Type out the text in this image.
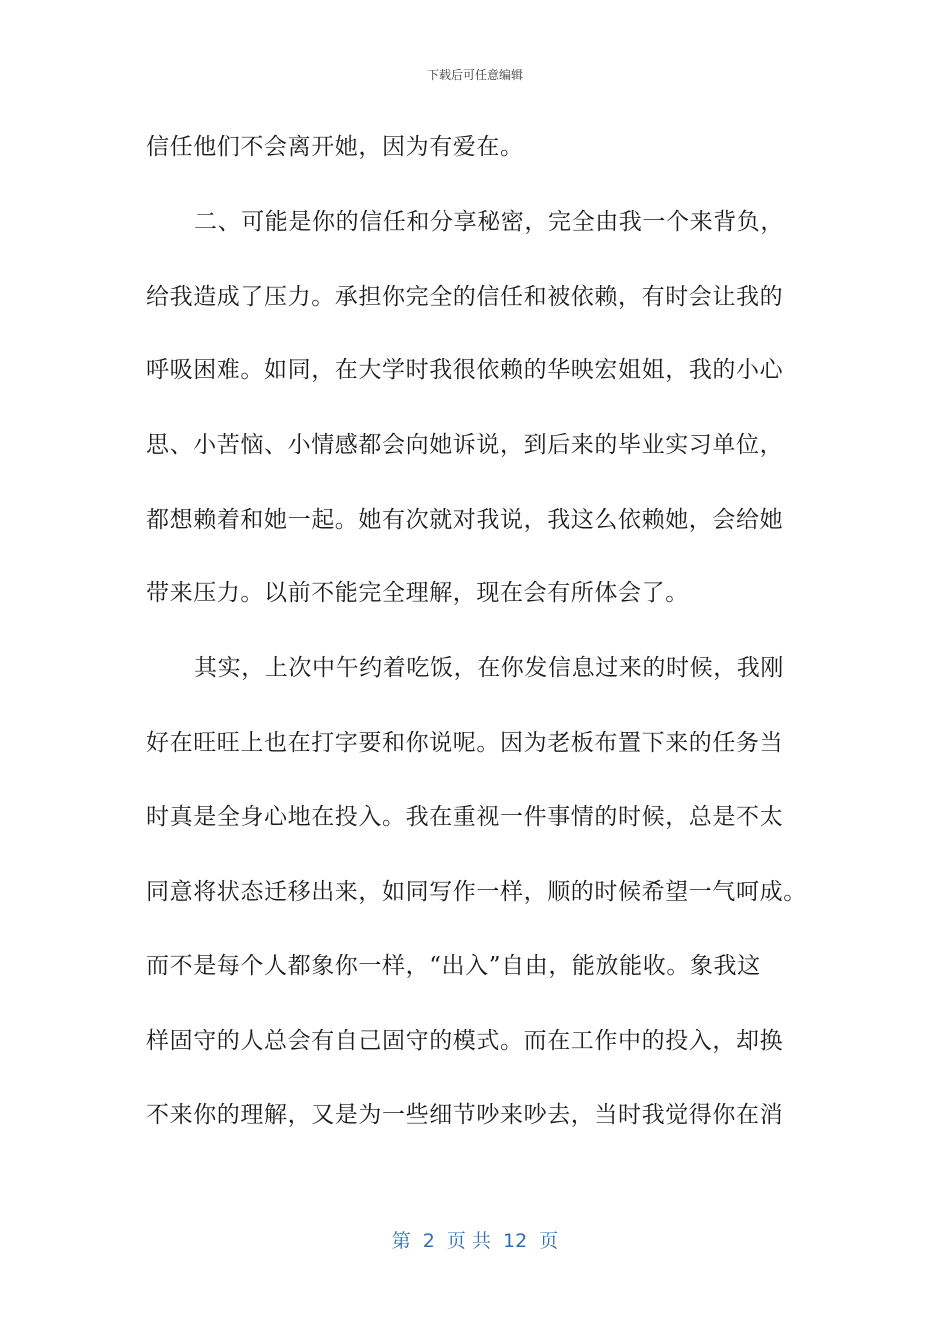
下载后可任意编辑
信任他们不会离开她，因为有爱在。
二、可能是你的信任和分享秘密，完全由我一个来背负，
给我造成了压力。承担你完全的信任和被依赖，有时会让我的
呼吸困难。如同，在大学时我很依赖的华映宏姐姐，我的小心
思、小苦恼、小情感都会向她诉说，到后来的毕业实习单位，
都想赖着和她一起。她有次就对我说，我这么依赖她，会给她
带来压力。以前不能完全理解，现在会有所体会了。
其实，上次中午约着吃饭，在你发信息过来的时候，我刚
好在旺旺上也在打字要和你说呢。因为老板布置下来的任务当
时真是全身心地在投入。我在重视一件事情的时候，总是不太
同意将状态迁移出来，如同写作一样，顺的时候希望一气呵成。
而不是每个人都象你一样，“出入”自由，能放能收。象我这
样固守的人总会有自己固守的模式。而在工作中的投入，却换
不来你的理解，又是为一些细节吵来吵去，当时我觉得你在消
第  2  页 共  12  页
